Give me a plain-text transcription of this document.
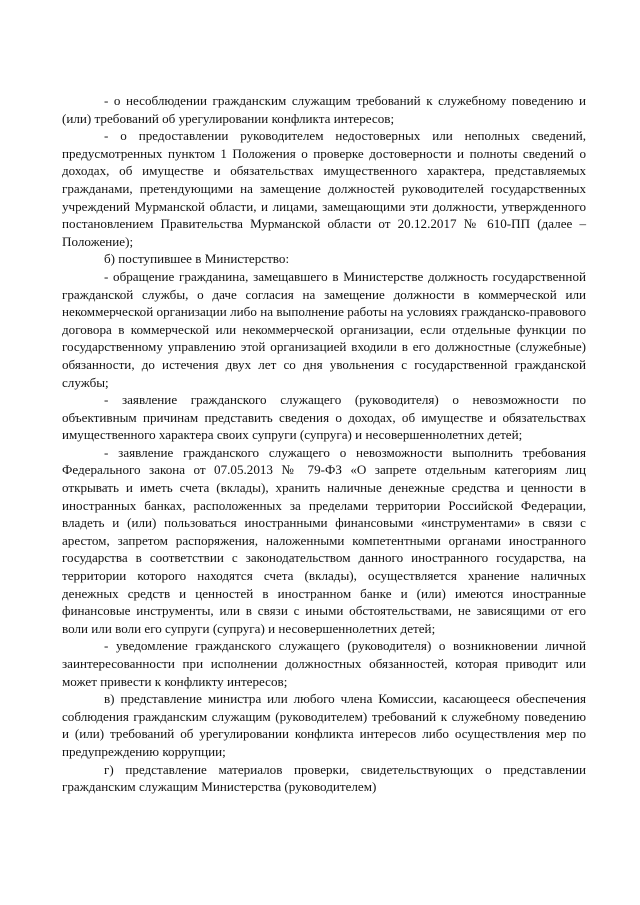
- о несоблюдении гражданским служащим требований к служебному поведению и (или) требований об урегулировании конфликта интересов;

- о предоставлении руководителем недостоверных или неполных сведений, предусмотренных пунктом 1 Положения о проверке достоверности и полноты сведений о доходах, об имуществе и обязательствах имущественного характера, представляемых гражданами, претендующими на замещение должностей руководителей государственных учреждений Мурманской области, и лицами, замещающими эти должности, утвержденного постановлением Правительства Мурманской области от 20.12.2017 № 610-ПП (далее – Положение);

б) поступившее в Министерство:

- обращение гражданина, замещавшего в Министерстве должность государственной гражданской службы, о даче согласия на замещение должности в коммерческой или некоммерческой организации либо на выполнение работы на условиях гражданско-правового договора в коммерческой или некоммерческой организации, если отдельные функции по государственному управлению этой организацией входили в его должностные (служебные) обязанности, до истечения двух лет со дня увольнения с государственной гражданской службы;

- заявление гражданского служащего (руководителя) о невозможности по объективным причинам представить сведения о доходах, об имуществе и обязательствах имущественного характера своих супруги (супруга) и несовершеннолетних детей;

- заявление гражданского служащего о невозможности выполнить требования Федерального закона от 07.05.2013 № 79-ФЗ «О запрете отдельным категориям лиц открывать и иметь счета (вклады), хранить наличные денежные средства и ценности в иностранных банках, расположенных за пределами территории Российской Федерации, владеть и (или) пользоваться иностранными финансовыми «инструментами» в связи с арестом, запретом распоряжения, наложенными компетентными органами иностранного государства в соответствии с законодательством данного иностранного государства, на территории которого находятся счета (вклады), осуществляется хранение наличных денежных средств и ценностей в иностранном банке и (или) имеются иностранные финансовые инструменты, или в связи с иными обстоятельствами, не зависящими от его воли или воли его супруги (супруга) и несовершеннолетних детей;

- уведомление гражданского служащего (руководителя) о возникновении личной заинтересованности при исполнении должностных обязанностей, которая приводит или может привести к конфликту интересов;

в) представление министра или любого члена Комиссии, касающееся обеспечения соблюдения гражданским служащим (руководителем) требований к служебному поведению и (или) требований об урегулировании конфликта интересов либо осуществления мер по предупреждению коррупции;

г) представление материалов проверки, свидетельствующих о представлении гражданским служащим Министерства (руководителем)
